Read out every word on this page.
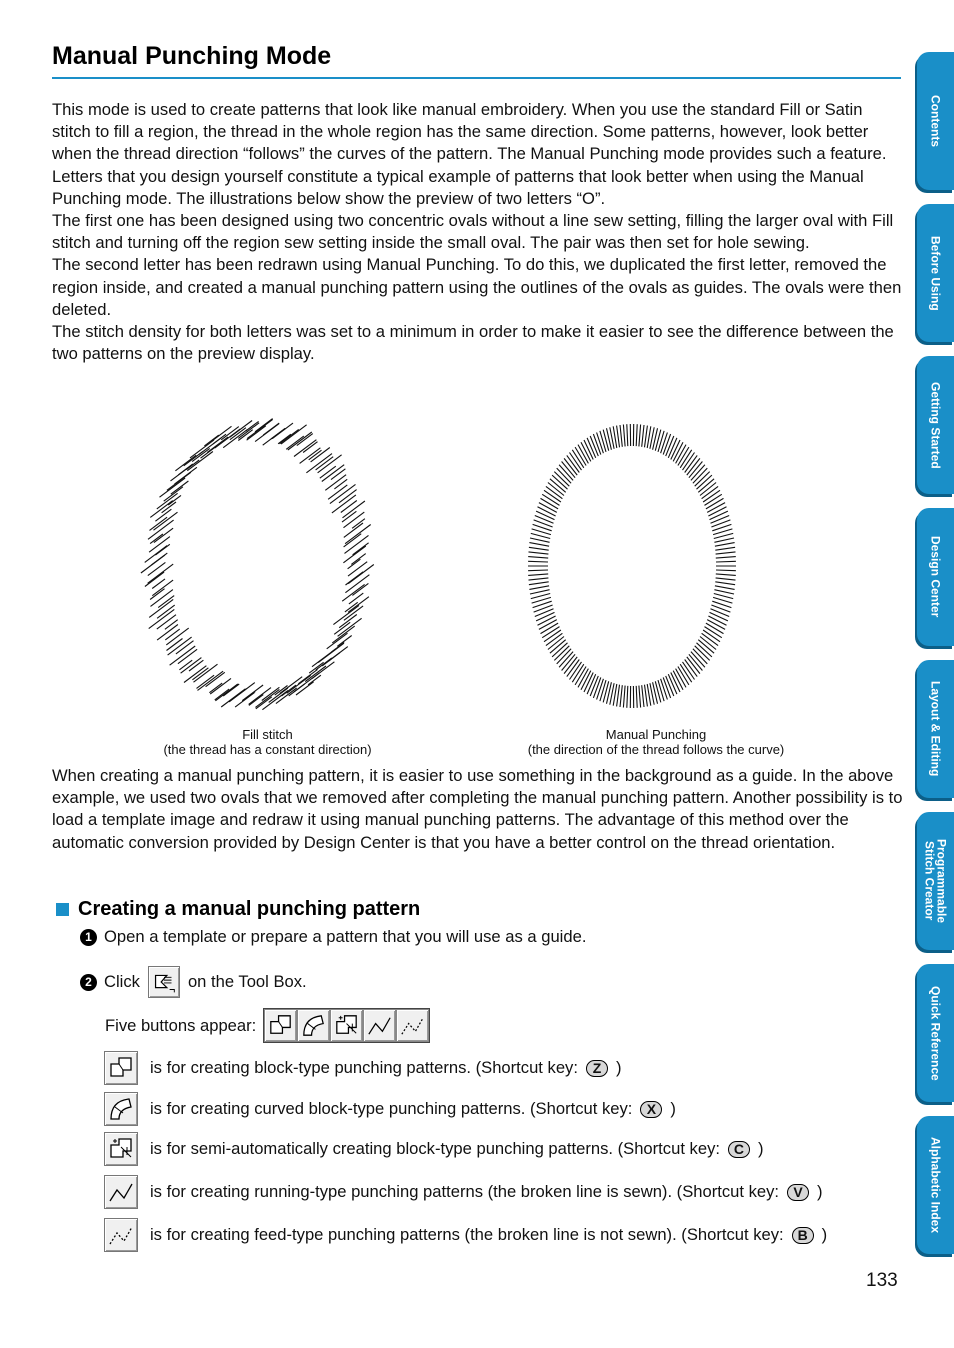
Manual Punching Mode

This mode is used to create patterns that look like manual embroidery. When you use the standard Fill or Satin stitch to fill a region, the thread in the whole region has the same direction. Some patterns, however, look better when the thread direction “follows” the curves of the pattern. The Manual Punching mode provides such a feature.

Letters that you design yourself constitute a typical example of patterns that look better when using the Manual Punching mode. The illustrations below show the preview of two letters “O”.

The first one has been designed using two concentric ovals without a line sew setting, filling the larger oval with Fill stitch and turning off the region sew setting inside the small oval. The pair was then set for hole sewing.

The second letter has been redrawn using Manual Punching. To do this, we duplicated the first letter, removed the region inside, and created a manual punching pattern using the outlines of the ovals as guides. The ovals were then deleted.

The stitch density for both letters was set to a minimum in order to make it easier to see the difference between the two patterns on the preview display.

Fill stitch
(the thread has a constant direction)
Manual Punching
(the direction of the thread follows the curve)

When creating a manual punching pattern, it is easier to use something in the background as a guide. In the above example, we used two ovals that we removed after completing the manual punching pattern. Another possibility is to load a template image and redraw it using manual punching patterns. The advantage of this method over the automatic conversion provided by Design Center is that you have a better control on the thread orientation.

Creating a manual punching pattern
1 Open a template or prepare a pattern that you will use as a guide.
2 Click	on the Tool Box.
Five buttons appear:
is for creating block-type punching patterns. (Shortcut key:	Z )
is for creating curved block-type punching patterns. (Shortcut key:	X )
is for semi-automatically creating block-type punching patterns. (Shortcut key: C )
is for creating running-type punching patterns (the broken line is sewn). (Shortcut key:	V )
is for creating feed-type punching patterns (the broken line is not sewn). (Shortcut key: B )
133
Contents
Before Using
Getting Started
Design Center
Layout & Editing
Programmable
Stitch Creator
Quick Reference
Alphabetic Index
